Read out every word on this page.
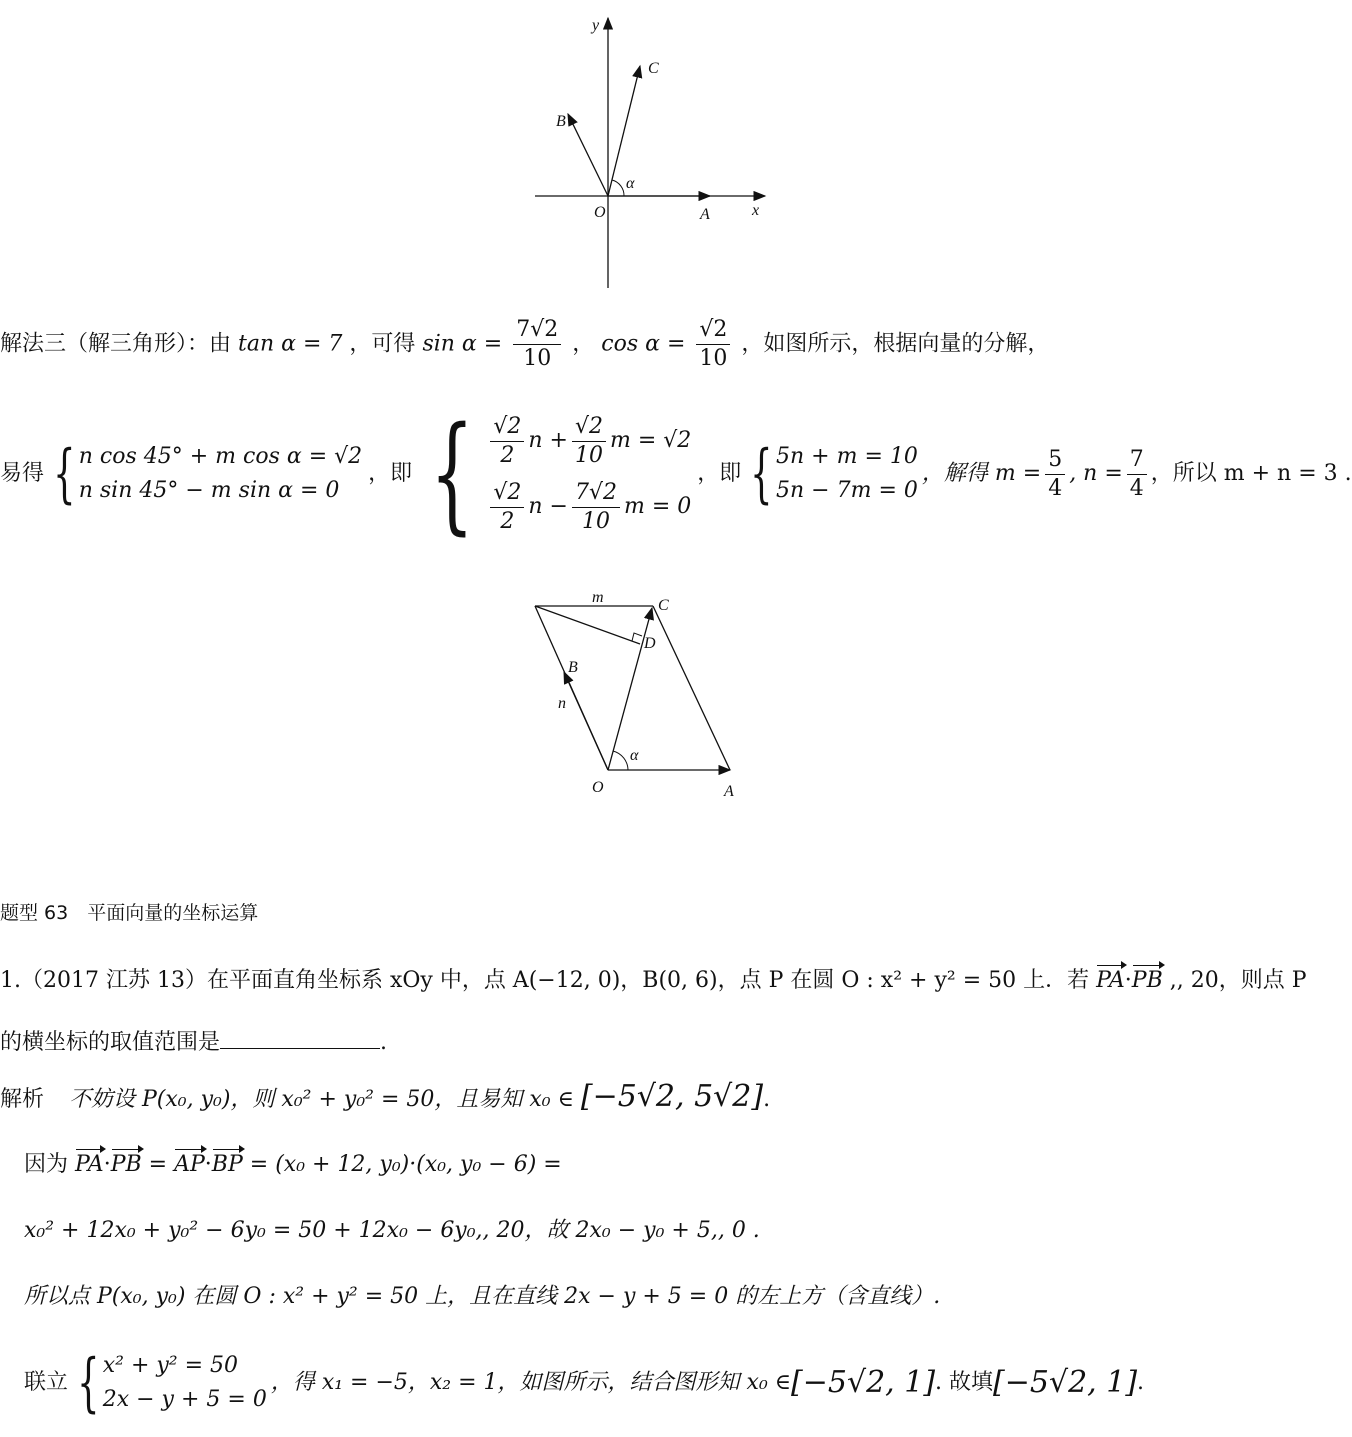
y
x
O	A
B
C
α
解法三（解三角形）：由 tan α = 7 ，可得 $\sin \alpha = \frac{7√2}{10}$ ， $\cos \alpha = \frac{√2}{10}$ ，如图所示，根据向量的分解，
易得 { n cos 45° + m cos α = √2
n sin 45° − m sin α = 0
，即 { $\frac{√2}{2}$ $n + \frac{√2}{10}$ m = √2
$\frac{√2}{2}$ $n - \frac{7√2}{10}$ m = 0
，即 { 5n + m = 10
5n − 7m = 0
，解得 $m = \frac{5}{4}$ , $n = \frac{7}{4}$ ，所以 m + n = 3 .
m	C
D
B
n
α
O	A
题型 63　平面向量的坐标运算
1.（2017 江苏 13）在平面直角坐标系 xOy 中，点 A(−12, 0)，B(0, 6)，点 P 在圆 O : x² + y² = 50 上．若 PA·PB ,, 20，则点 P
的横坐标的取值范围是	.
解析 不妨设 P(x₀, y₀)，则 x₀² + y₀² = 50，且易知 x₀ ∈ [−5√2, 5√2].
因为 PA·PB = AP·BP = (x₀ + 12, y₀)·(x₀, y₀ − 6) =
x₀² + 12x₀ + y₀² − 6y₀ = 50 + 12x₀ − 6y₀,, 20，故 2x₀ − y₀ + 5,, 0 .
所以点 P(x₀, y₀) 在圆 O : x² + y² = 50 上，且在直线 2x − y + 5 = 0 的左上方（含直线）.
联立 { x² + y² = 50
2x − y + 5 = 0
，得 x₁ = −5，x₂ = 1，如图所示，结合图形知 x₀ ∈ [−5√2, 1] . 故填 [−5√2, 1] .
